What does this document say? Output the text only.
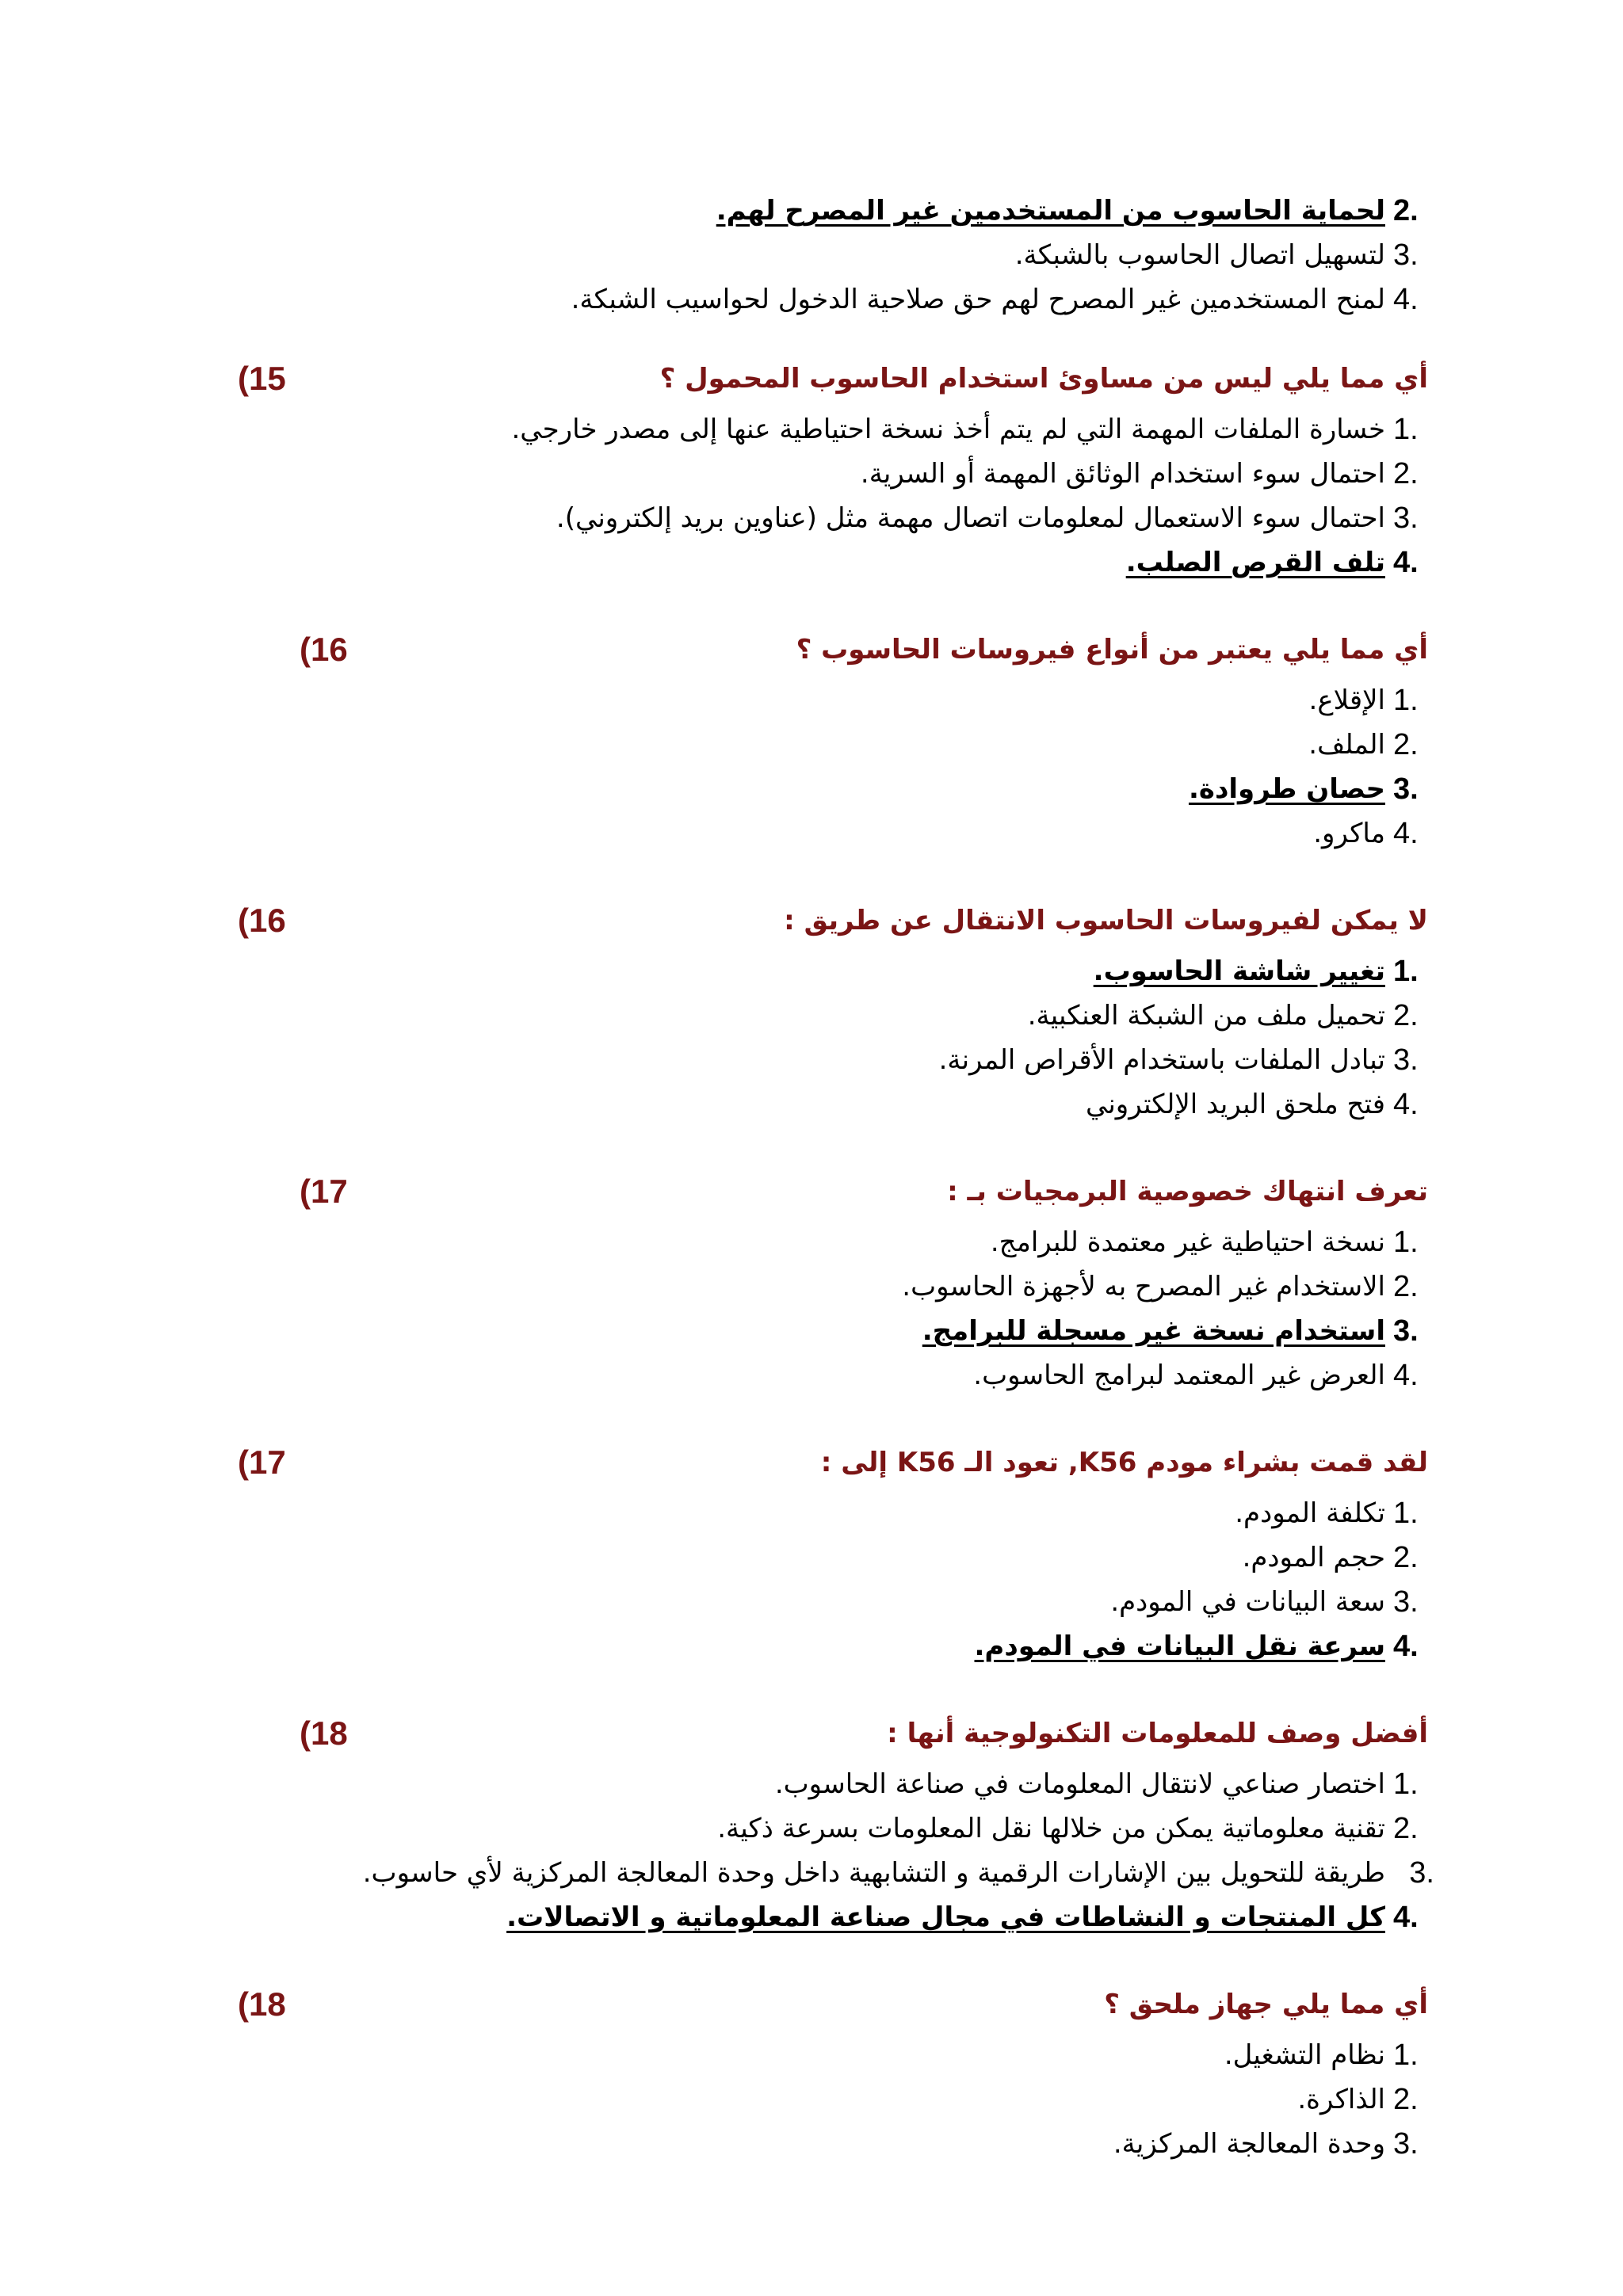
2.
لحماية الحاسوب من المستخدمين غير المصرح لهم.
3.
لتسهيل اتصال الحاسوب بالشبكة.
4.
لمنح المستخدمين غير المصرح لهم حق صلاحية الدخول لحواسيب الشبكة.
(15	أي مما يلي ليس من مساوئ استخدام الحاسوب المحمول ؟
1.
خسارة الملفات المهمة التي لم يتم أخذ نسخة احتياطية عنها إلى مصدر خارجي.
2.
احتمال سوء استخدام الوثائق المهمة أو السرية.
3.
احتمال سوء الاستعمال لمعلومات اتصال مهمة مثل (عناوين بريد إلكتروني).
4.
تلف القرص الصلب.
(16	أي مما يلي يعتبر من أنواع فيروسات الحاسوب ؟
1.
الإقلاع.
2.
الملف.
3.
حصان طروادة.
4.
ماكرو.
(16	لا يمكن لفيروسات الحاسوب الانتقال عن طريق :
1.
تغيير شاشة الحاسوب.
2.
تحميل ملف من الشبكة العنكبية.
3.
تبادل الملفات باستخدام الأقراص المرنة.
4.
فتح ملحق البريد الإلكتروني
(17	تعرف انتهاك خصوصية البرمجيات بـ :
1.
نسخة احتياطية غير معتمدة للبرامج.
2.
الاستخدام غير المصرح به لأجهزة الحاسوب.
3.
استخدام نسخة غير مسجلة للبرامج.
4.
العرض غير المعتمد لبرامج الحاسوب.
(17	لقد قمت بشراء مودم K56, تعود الـ K56 إلى :
1.
تكلفة المودم.
2.
حجم المودم.
3.
سعة البيانات في المودم.
4.
سرعة نقل البيانات في المودم.
(18	أفضل وصف للمعلومات التكنولوجية أنها :
1.
اختصار صناعي لانتقال المعلومات في صناعة الحاسوب.
2.
تقنية معلوماتية يمكن من خلالها نقل المعلومات بسرعة ذكية.
3.
طريقة للتحويل بين الإشارات الرقمية و التشابهية داخل وحدة المعالجة المركزية لأي حاسوب.
4.
كل المنتجات و النشاطات في مجال صناعة المعلوماتية و الاتصالات.
(18	أي مما يلي جهاز ملحق ؟
1.
نظام التشغيل.
2.
الذاكرة.
3.
وحدة المعالجة المركزية.
